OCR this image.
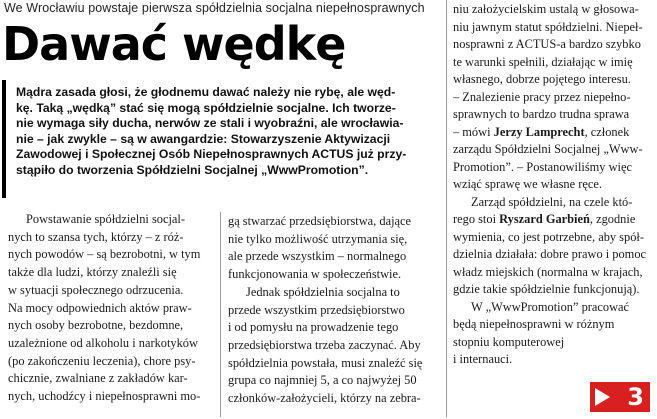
We Wrocławiu powstaje pierwsza spółdzielnia socjalna niepełnosprawnych
Dawać wędkę
Mądra zasada głosi, że głodnemu dawać należy nie rybę, ale węd-
kę. Taką „wędką” stać się mogą spółdzielnie socjalne. Ich tworze-
nie wymaga siły ducha, nerwów ze stali i wyobraźni, ale wrocławia-
nie – jak zwykle – są w awangardzie: Stowarzyszenie Aktywizacji
Zawodowej i Społecznej Osób Niepełnosprawnych ACTUS już przy-
stąpiło do tworzenia Spółdzielni Socjalnej „WwwPromotion”.
Powstawanie spółdzielni socjal-
nych to szansa tych, którzy – z róż-
nych powodów – są bezrobotni, w tym
także dla ludzi, którzy znaleźli się
w sytuacji społecznego odrzucenia.
Na mocy odpowiednich aktów praw-
nych osoby bezrobotne, bezdomne,
uzależnione od alkoholu i narkotyków
(po zakończeniu leczenia), chore psy-
chicznie, zwalniane z zakładów kar-
nych, uchodźcy i niepełnosprawni mo-
gą stwarzać przedsiębiorstwa, dające
nie tylko możliwość utrzymania się,
ale przede wszystkim – normalnego
funkcjonowania w społeczeństwie.
Jednak spółdzielnia socjalna to
przede wszystkim przedsiębiorstwo
i od pomysłu na prowadzenie tego
przedsiębiorstwa trzeba zaczynać. Aby
spółdzielnia powstała, musi znaleźć się
grupa co najmniej 5, a co najwyżej 50
członków-założycieli, którzy na zebra-
niu założycielskim ustalą w głosowa-
niu jawnym statut spółdzielni. Niepeł-
nosprawni z ACTUS-a bardzo szybko
te warunki spełnili, działając w imię
własnego, dobrze pojętego interesu.
– Znalezienie pracy przez niepełno-
sprawnych to bardzo trudna sprawa
– mówi Jerzy Lamprecht, członek
zarządu Spółdzielni Socjalnej „Www-
Promotion”. – Postanowiliśmy więc
wziąć sprawę we własne ręce.
Zarząd spółdzielni, na czele któ-
rego stoi Ryszard Garbień, zgodnie
wymienia, co jest potrzebne, aby spół-
dzielnia działała: dobre prawo i pomoc
władz miejskich (normalna w krajach,
gdzie takie spółdzielnie funkcjonują).
W „WwwPromotion” pracować
będą niepełnosprawni w różnym
stopniu komputerowej
i internauci.
3
